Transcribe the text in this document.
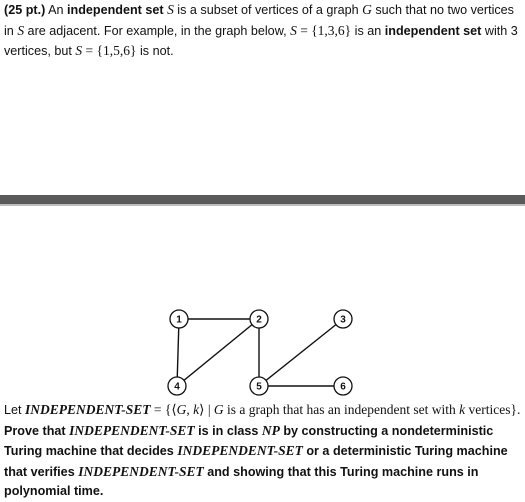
(25 pt.) An independent set S is a subset of vertices of a graph G such that no two vertices in S are adjacent. For example, in the graph below, S = {1,3,6} is an independent set with 3 vertices, but S = {1,5,6} is not.

1	2	3
4	5	6

Let INDEPENDENT-SET = {⟨G, k⟩ | G is a graph that has an independent set with k vertices}.
Prove that INDEPENDENT-SET is in class NP by constructing a nondeterministic Turing machine that decides INDEPENDENT-SET or a deterministic Turing machine that verifies INDEPENDENT-SET and showing that this Turing machine runs in polynomial time.
